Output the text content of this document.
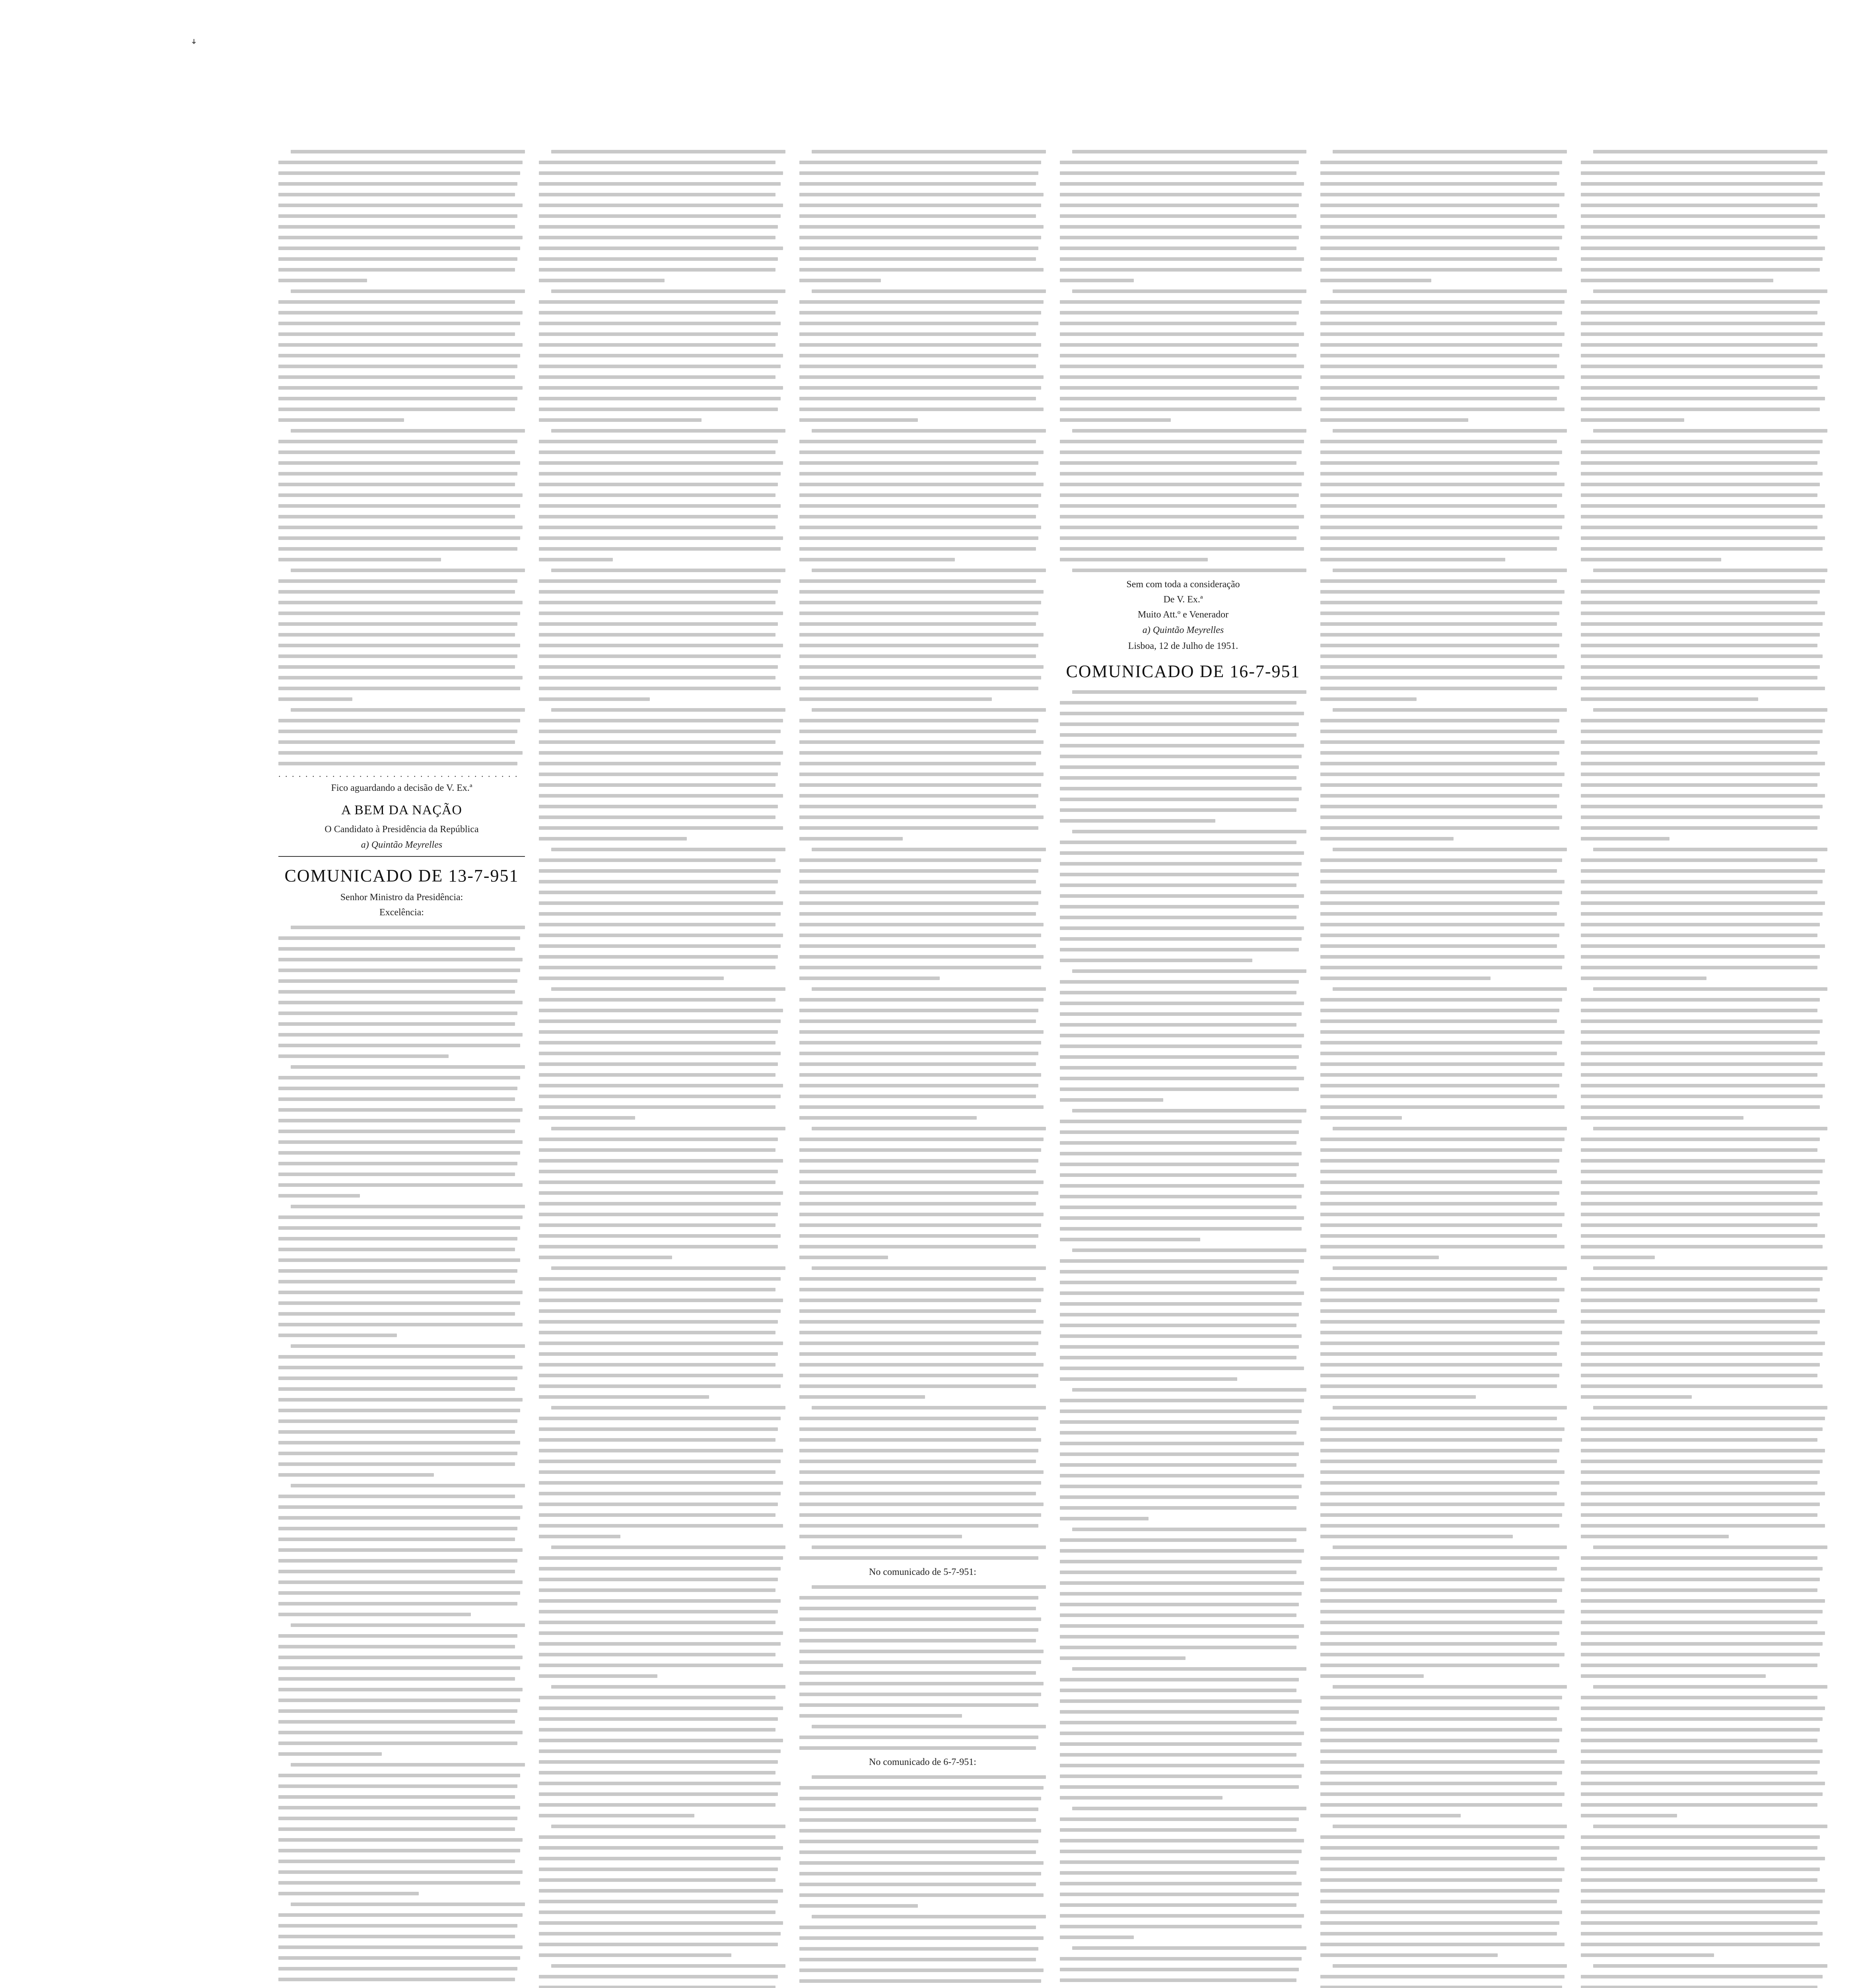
ꜜ
. . . . . . . . . . . . . . . . . . . . . . . . . . . . . . . . . . . .
Fico aguardando a decisão de V. Ex.ª
A BEM DA NAÇÃO
O Candidato à Presidência da República
a) Quintão Meyrelles
COMUNICADO DE 13-7-951
Senhor Ministro da Presidência:
Excelência:
No comunicado de 5-7-951:
No comunicado de 6-7-951:
Sem com toda a consideração
De V. Ex.ª
Muito Att.º e Venerador
a) Quintão Meyrelles
Lisboa, 12 de Julho de 1951.
COMUNICADO DE 16-7-951
